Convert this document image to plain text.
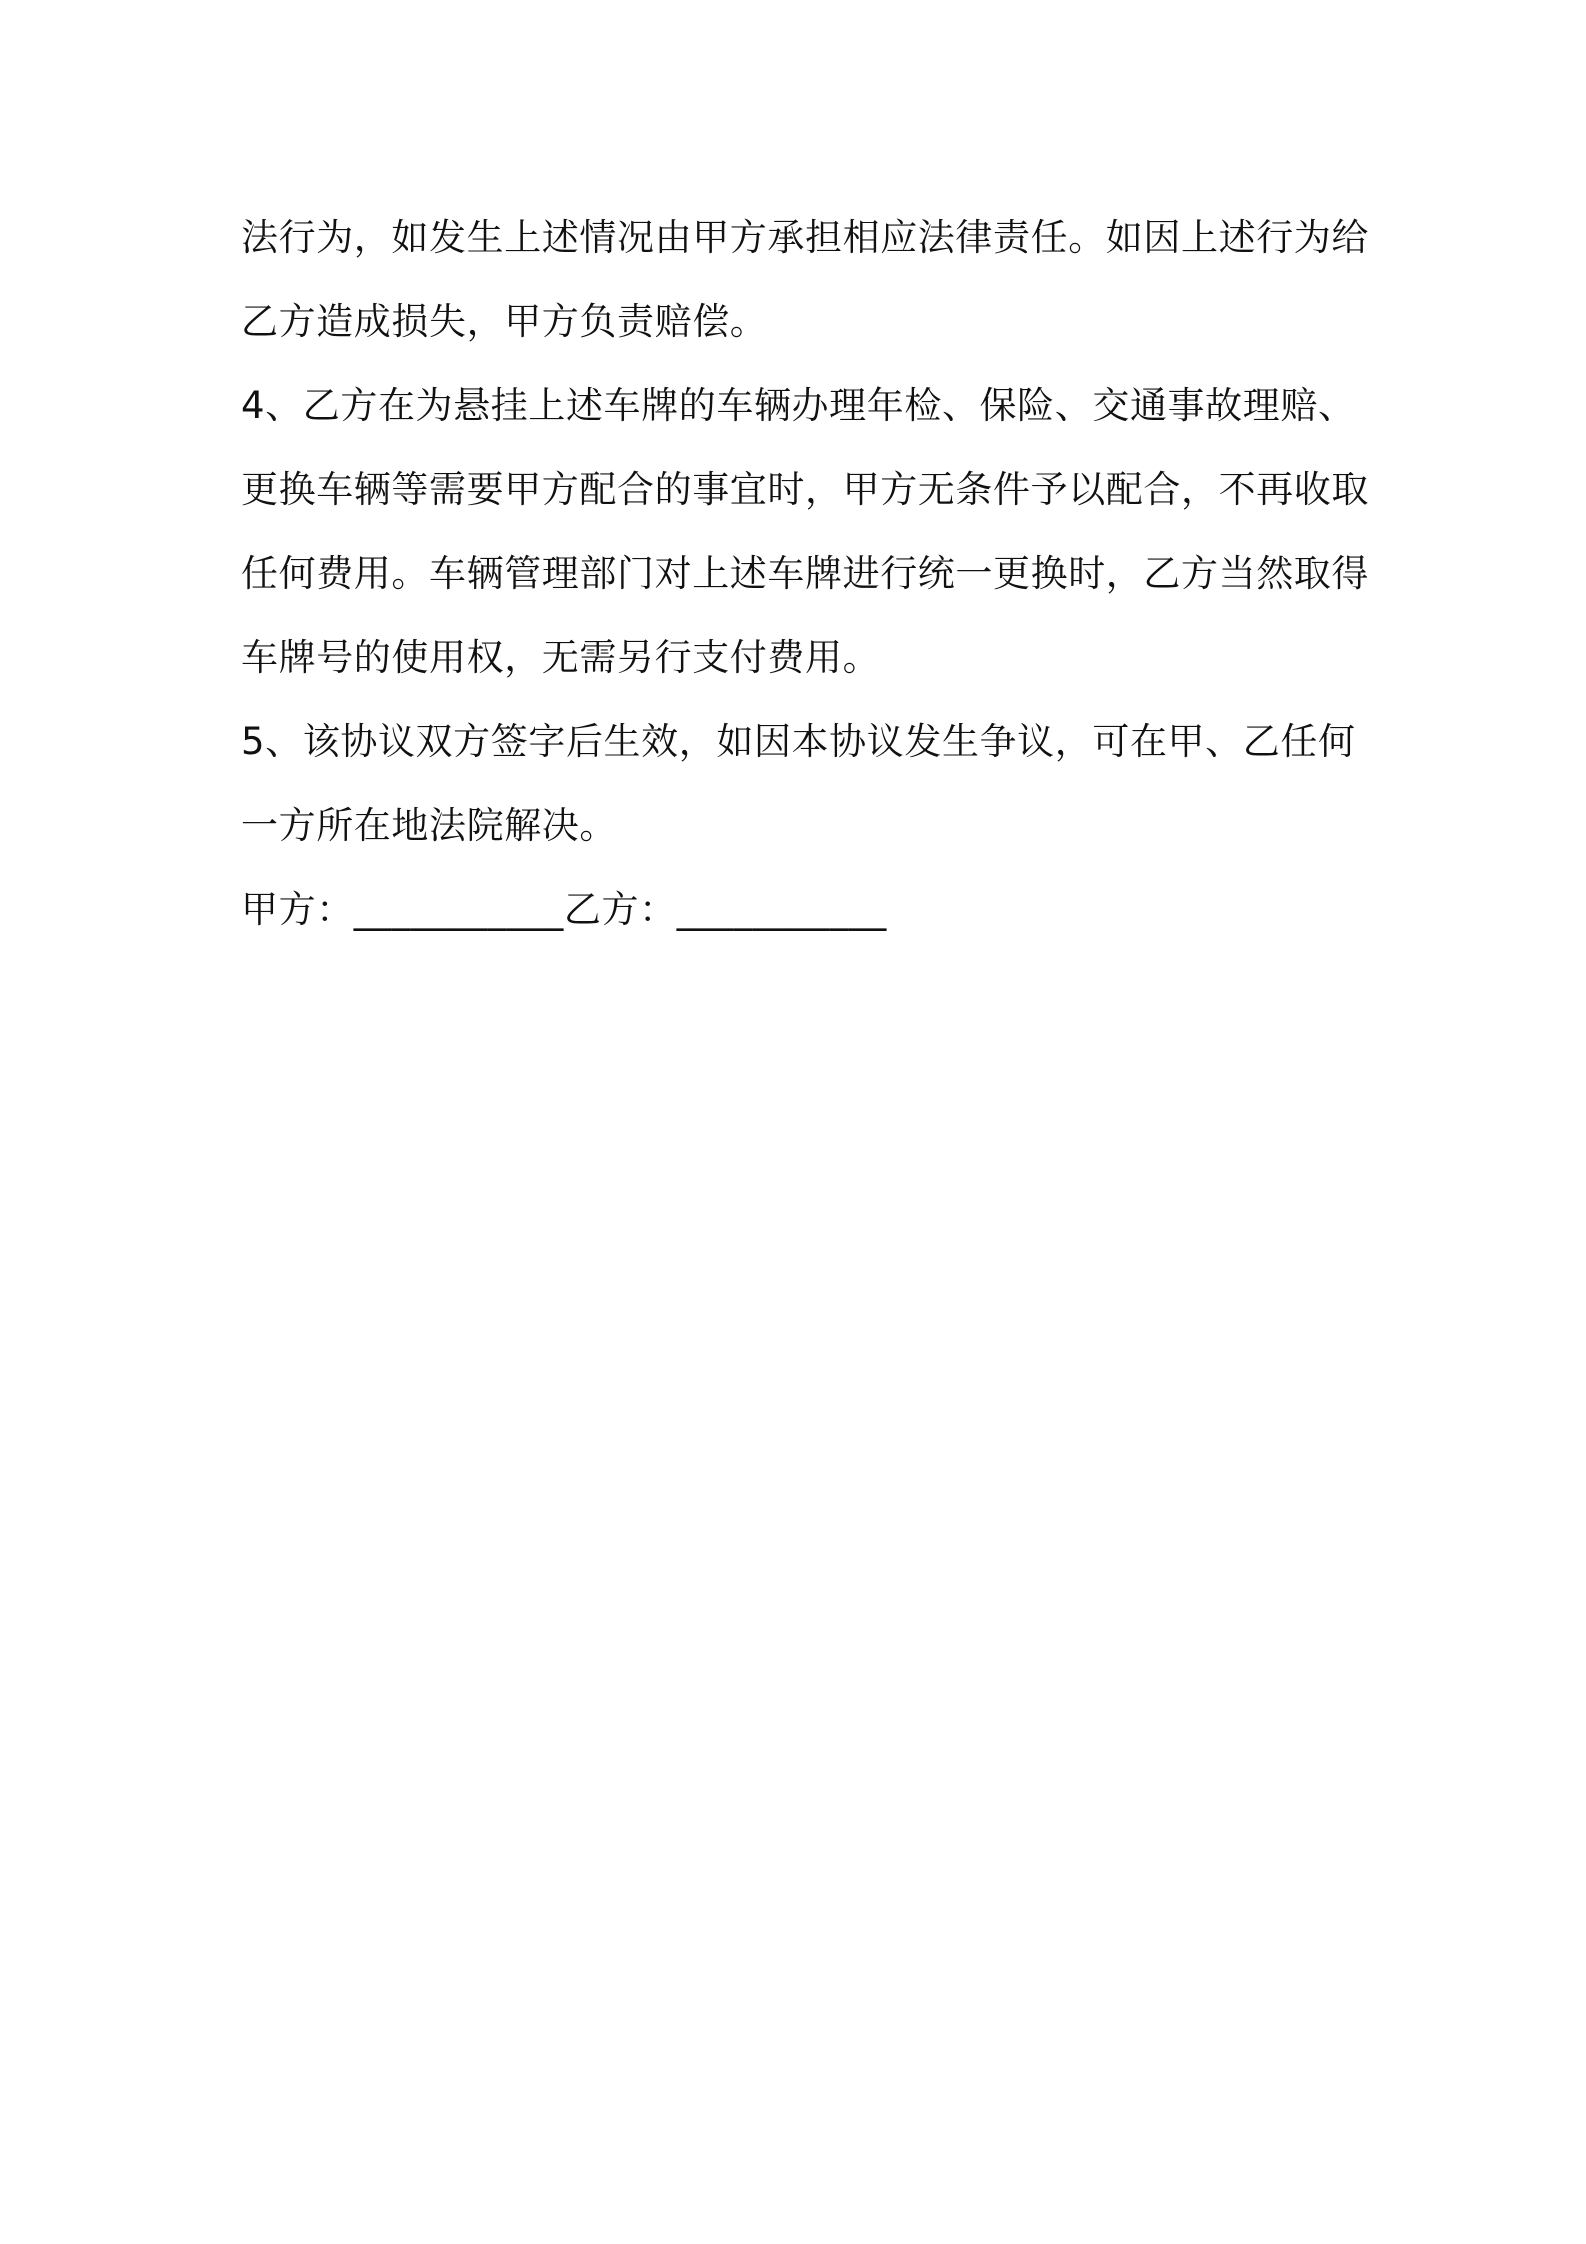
法行为，如发生上述情况由甲方承担相应法律责任。如因上述行为给
乙方造成损失，甲方负责赔偿。
4、乙方在为悬挂上述车牌的车辆办理年检、保险、交通事故理赔、
更换车辆等需要甲方配合的事宜时，甲方无条件予以配合，不再收取
任何费用。车辆管理部门对上述车牌进行统一更换时，乙方当然取得
车牌号的使用权，无需另行支付费用。
5、该协议双方签字后生效，如因本协议发生争议，可在甲、乙任何
一方所在地法院解决。
甲方：___________乙方：___________
